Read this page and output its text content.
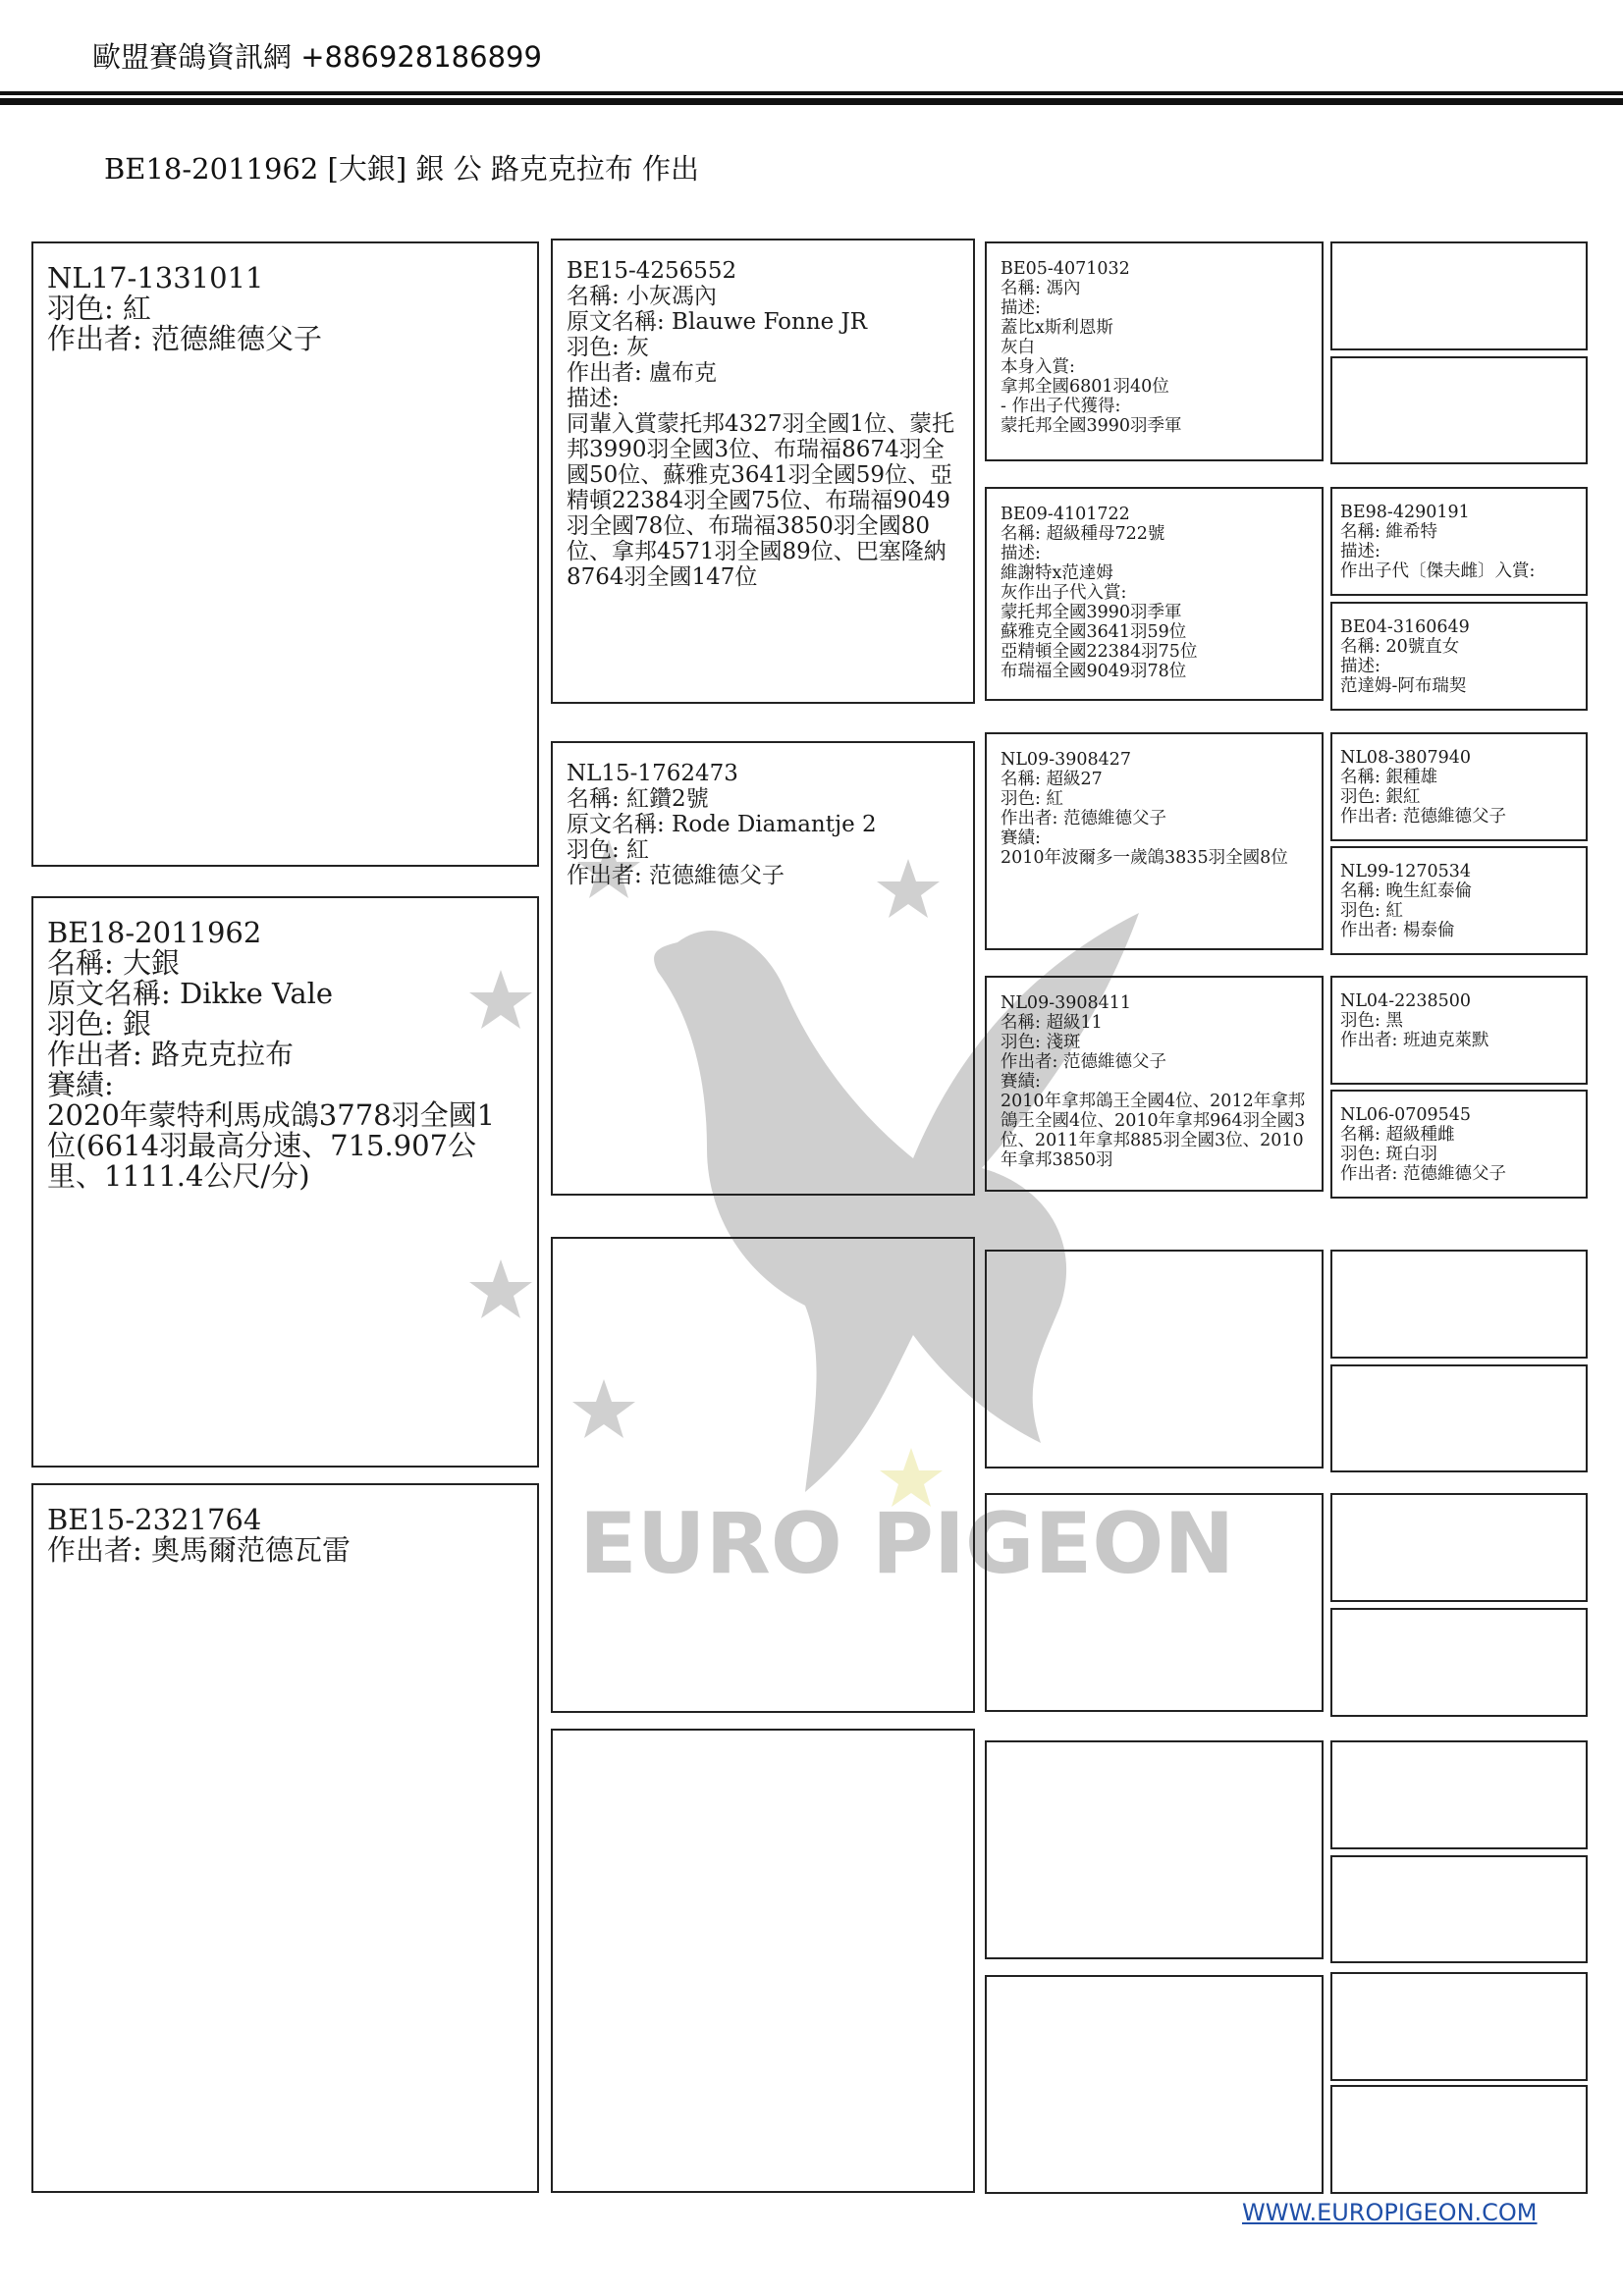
歐盟賽鴿資訊網 +886928186899
BE18-2011962 [大銀] 銀 公 路克克拉布 作出
EURO PIGEON
NL17-1331011
羽色: 紅
作出者: 范德維德父子
BE18-2011962
名稱: 大銀
原文名稱: Dikke Vale
羽色: 銀
作出者: 路克克拉布
賽績:
2020年蒙特利馬成鴿3778羽全國1位(6614羽最高分速、715.907公里、1111.4公尺/分)
BE15-2321764
作出者: 奧馬爾范德瓦雷
BE15-4256552
名稱: 小灰馮內
原文名稱: Blauwe Fonne JR
羽色: 灰
作出者: 盧布克
描述:
同輩入賞蒙托邦4327羽全國1位、蒙托邦3990羽全國3位、布瑞福8674羽全國50位、蘇雅克3641羽全國59位、亞精頓22384羽全國75位、布瑞福9049羽全國78位、布瑞福3850羽全國80位、拿邦4571羽全國89位、巴塞隆納8764羽全國147位
NL15-1762473
名稱: 紅鑽2號
原文名稱: Rode Diamantje 2
羽色: 紅
作出者: 范德維德父子
BE05-4071032
名稱: 馮內
描述:
蓋比x斯利恩斯
灰白
本身入賞:
拿邦全國6801羽40位
- 作出子代獲得:
蒙托邦全國3990羽季軍
BE09-4101722
名稱: 超級種母722號
描述:
維謝特x范達姆
灰作出子代入賞:
蒙托邦全國3990羽季軍
蘇雅克全國3641羽59位
亞精頓全國22384羽75位
布瑞福全國9049羽78位
NL09-3908427
名稱: 超級27
羽色: 紅
作出者: 范德維德父子
賽績:
2010年波爾多一歲鴿3835羽全國8位
NL09-3908411
名稱: 超級11
羽色: 淺斑
作出者: 范德維德父子
賽績:
2010年拿邦鴿王全國4位、2012年拿邦鴿王全國4位、2010年拿邦964羽全國3位、2011年拿邦885羽全國3位、2010年拿邦3850羽
BE98-4290191
名稱: 維希特
描述:
作出子代〔傑夫雌〕入賞:
BE04-3160649
名稱: 20號直女
描述:
范達姆-阿布瑞契
NL08-3807940
名稱: 銀種雄
羽色: 銀紅
作出者: 范德維德父子
NL99-1270534
名稱: 晚生紅泰倫
羽色: 紅
作出者: 楊泰倫
NL04-2238500
羽色: 黑
作出者: 班迪克萊默
NL06-0709545
名稱: 超級種雌
羽色: 斑白羽
作出者: 范德維德父子
WWW.EUROPIGEON.COM
